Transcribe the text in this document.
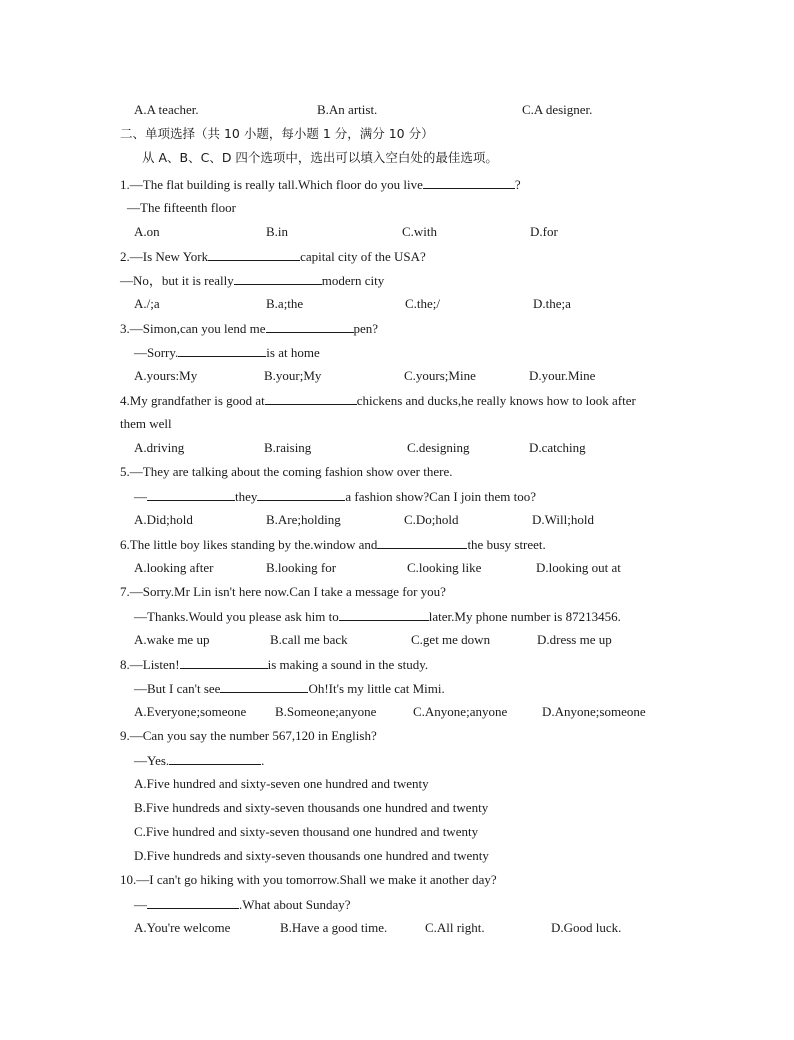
A.A teacher.	B.An artist.	C.A designer.
二、单项选择（共 10 小题，每小题 1 分，满分 10 分）
从 A、B、C、D 四个选项中，选出可以填入空白处的最佳选项。
1.—The flat building is really tall.Which floor do you live	?
—The fifteenth floor
A.on	B.in	C.with	D.for
2.—Is New York	capital city of the USA?
—No，but it is really	modern city
A./;a	B.a;the	C.the;/	D.the;a
3.—Simon,can you lend me	pen?
—Sorry.	is at home
A.yours:My	B.your;My	C.yours;Mine	D.your.Mine
4.My grandfather is good at	chickens and ducks,he really knows how to look after
them well
A.driving	B.raising	C.designing	D.catching
5.—They are talking about the coming fashion show over there.
—	they	a fashion show?Can I join them too?
A.Did;hold	B.Are;holding	C.Do;hold	D.Will;hold
6.The little boy likes standing by the.window and	the busy street.
A.looking after	B.looking for	C.looking like	D.looking out at
7.—Sorry.Mr Lin isn't here now.Can I take a message for you?
—Thanks.Would you please ask him to	later.My phone number is 87213456.
A.wake me up	B.call me back	C.get me down	D.dress me up
8.—Listen!	is making a sound in the study.
—But I can't see	Oh!It's my little cat Mimi.
A.Everyone;someone B.Someone;anyone	C.Anyone;anyone	D.Anyone;someone
9.—Can you say the number 567,120 in English?
—Yes.	.
A.Five hundred and sixty-seven one hundred and twenty
B.Five hundreds and sixty-seven thousands one hundred and twenty
C.Five hundred and sixty-seven thousand one hundred and twenty
D.Five hundreds and sixty-seven thousands one hundred and twenty
10.—I can't go hiking with you tomorrow.Shall we make it another day?
—	.What about Sunday?
A.You're welcome	B.Have a good time.	C.All right.	D.Good luck.
